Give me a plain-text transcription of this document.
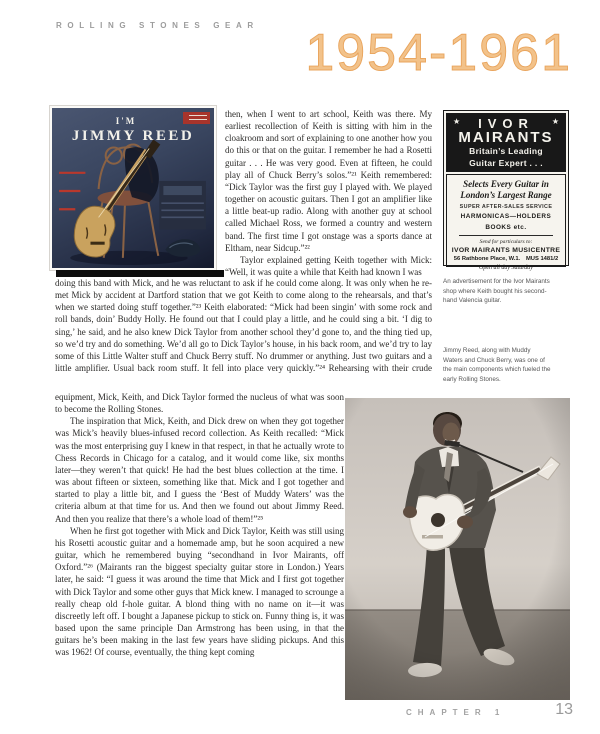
ROLLING STONES GEAR 1954-1961
I'M
JIMMY REED

then, when I went to art school, Keith was there. My earliest recollection of Keith is sitting with him in the cloakroom and sort of explaining to one another how you do this or that on the guitar. I remember he had a Rosetti guitar . . . He was very good. Even at fifteen, he could play all of Chuck Berry’s solos.”²¹ Keith remembered: “Dick Taylor was the first guy I played with. We played together on acoustic guitars. Then I got an amplifier like a little beat-up radio. Along with another guy at school called Michael Ross, we formed a country and western band. The first time I got onstage was a sports dance at Eltham, near Sidcup.”²²

Taylor explained getting Keith together with Mick: “Well, it was quite a while that Keith had known I was

doing this band with Mick, and he was reluctant to ask if he could come along. It was only when he re-met Mick by accident at Dartford station that we got Keith to come along to the rehearsals, and that’s when we started doing stuff together.”²³ Keith elaborated: “Mick had been singin’ with some rock and roll bands, doin’ Buddy Holly. He found out that I could play a little, and he could sing a bit. ‘I dig to sing,’ he said, and he also knew Dick Taylor from another school they’d gone to, and the thing tied up, so we’d try and do something. We’d all go to Dick Taylor’s house, in his back room, and we’d try to lay some of this Little Walter stuff and Chuck Berry stuff. No drummer or anything. Just two guitars and a little amplifier. Usual back room stuff. It fell into place very quickly.”²⁴ Rehearsing with their crude

equipment, Mick, Keith, and Dick Taylor formed the nucleus of what was soon to become the Rolling Stones.

The inspiration that Mick, Keith, and Dick drew on when they got together was Mick’s heavily blues-infused record collection. As Keith recalled: “Mick was the most enterprising guy I knew in that respect, in that he actually wrote to Chess Records in Chicago for a catalog, and it would come like, six months later—they weren’t that quick! He had the best blues collection at the time. I was about fifteen or sixteen, something like that. Mick and I got together and started to play a little bit, and I guess the ‘Best of Muddy Waters’ was the criteria album at that time for us. And then we found out about Jimmy Reed. And then you realize that there’s a whole load of them!”²⁵

When he first got together with Mick and Dick Taylor, Keith was still using his Rosetti acoustic guitar and a homemade amp, but he soon acquired a new guitar, which he remembered buying “secondhand in Ivor Mairants, off Oxford.”²⁶ (Mairants ran the biggest specialty guitar store in London.) Years later, he said: “I guess it was around the time that Mick and I first got together with Dick Taylor and some other guys that Mick knew. I managed to scrounge a really cheap old f-hole guitar. A blond thing with no name on it—it was discreetly left off. I bought a Japanese pickup to stick on. Funny thing is, it was based upon the same principle Dan Armstrong has been using, in that the guitars he’s been making in the last few years have sliding pickups. And this was 1962! Of course, eventually, the thing kept coming

★	★
IVOR
MAIRANTS
Britain’s Leading
Guitar Expert . . .
Selects Every Guitar in
London’s Largest Range
SUPER AFTER-SALES SERVICE
HARMONICAS—HOLDERS
BOOKS etc.
Send for particulars to:
IVOR MAIRANTS MUSICENTRE
56 Rathbone Place, W.1. MUS 1481/2
Open all day Saturday
An advertisement for the Ivor Mairants shop where Keith bought his second-hand Valencia guitar.
Jimmy Reed, along with Muddy Waters and Chuck Berry, was one of the main components which fueled the early Rolling Stones.
CHAPTER 1	13
